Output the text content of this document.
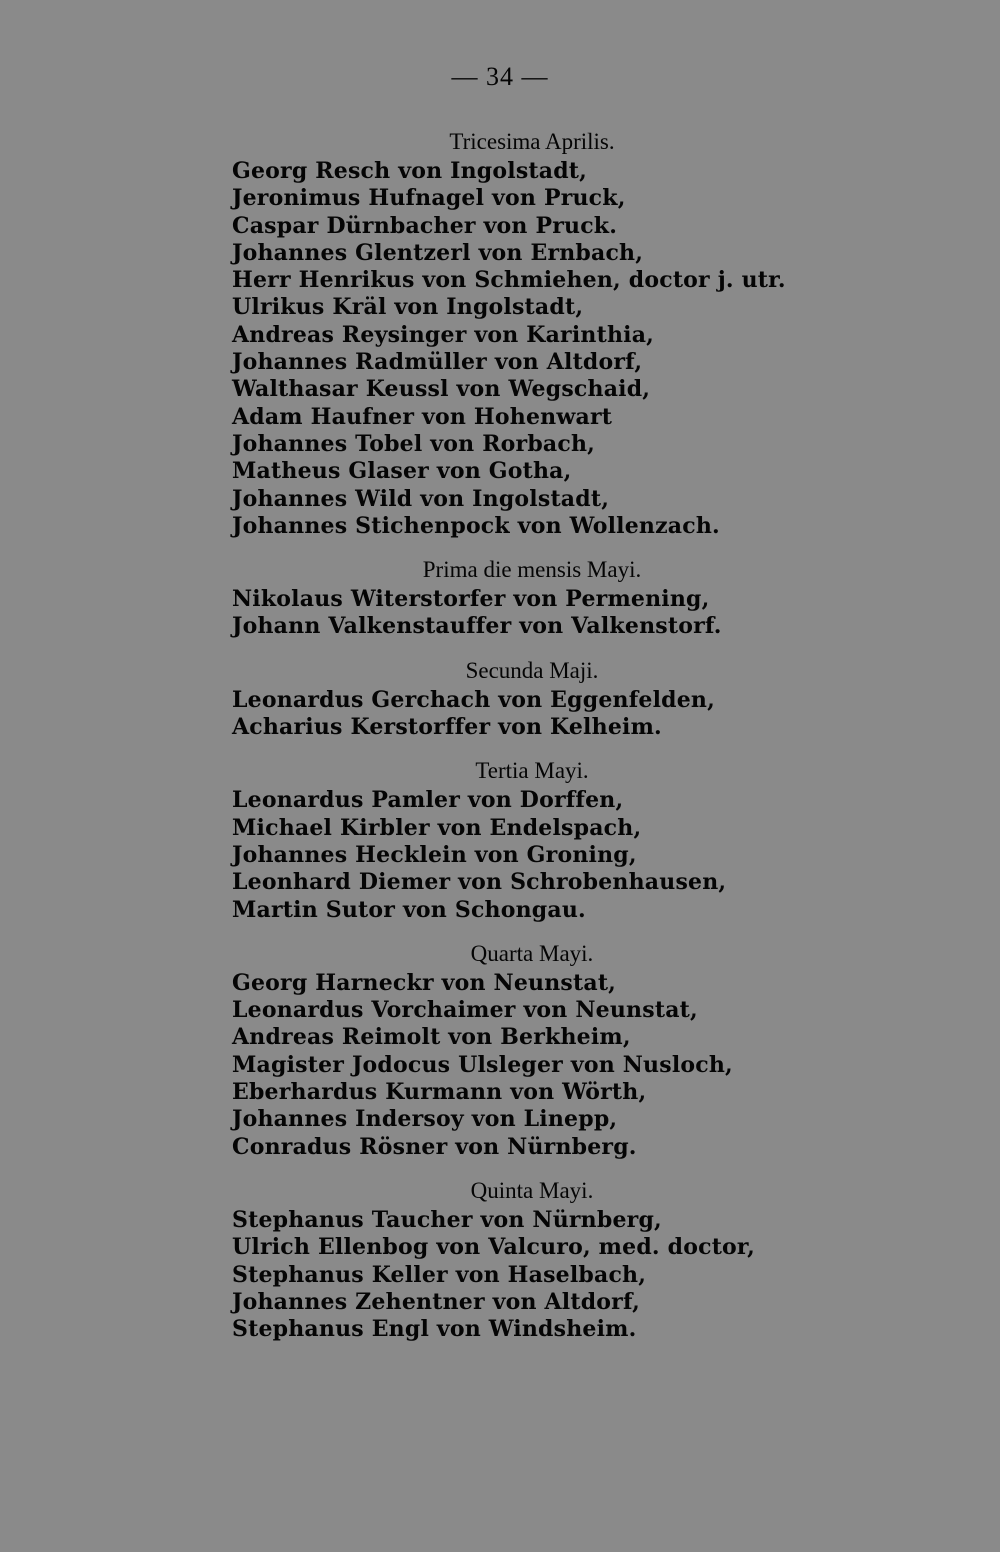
— 34 —
Tricesima Aprilis.
Georg Resch von Ingolstadt,
Jeronimus Hufnagel von Pruck,
Caspar Dürnbacher von Pruck.
Johannes Glentzerl von Ernbach,
Herr Henrikus von Schmiehen, doctor j. utr.
Ulrikus Kräl von Ingolstadt,
Andreas Reysinger von Karinthia,
Johannes Radmüller von Altdorf,
Walthasar Keussl von Wegschaid,
Adam Haufner von Hohenwart
Johannes Tobel von Rorbach,
Matheus Glaser von Gotha,
Johannes Wild von Ingolstadt,
Johannes Stichenpock von Wollenzach.
Prima die mensis Mayi.
Nikolaus Witerstorfer von Permening,
Johann Valkenstauffer von Valkenstorf.
Secunda Maji.
Leonardus Gerchach von Eggenfelden,
Acharius Kerstorffer von Kelheim.
Tertia Mayi.
Leonardus Pamler von Dorffen,
Michael Kirbler von Endelspach,
Johannes Hecklein von Groning,
Leonhard Diemer von Schrobenhausen,
Martin Sutor von Schongau.
Quarta Mayi.
Georg Harneckr von Neunstat,
Leonardus Vorchaimer von Neunstat,
Andreas Reimolt von Berkheim,
Magister Jodocus Ulsleger von Nusloch,
Eberhardus Kurmann von Wörth,
Johannes Indersoy von Linepp,
Conradus Rösner von Nürnberg.
Quinta Mayi.
Stephanus Taucher von Nürnberg,
Ulrich Ellenbog von Valcuro, med. doctor,
Stephanus Keller von Haselbach,
Johannes Zehentner von Altdorf,
Stephanus Engl von Windsheim.
